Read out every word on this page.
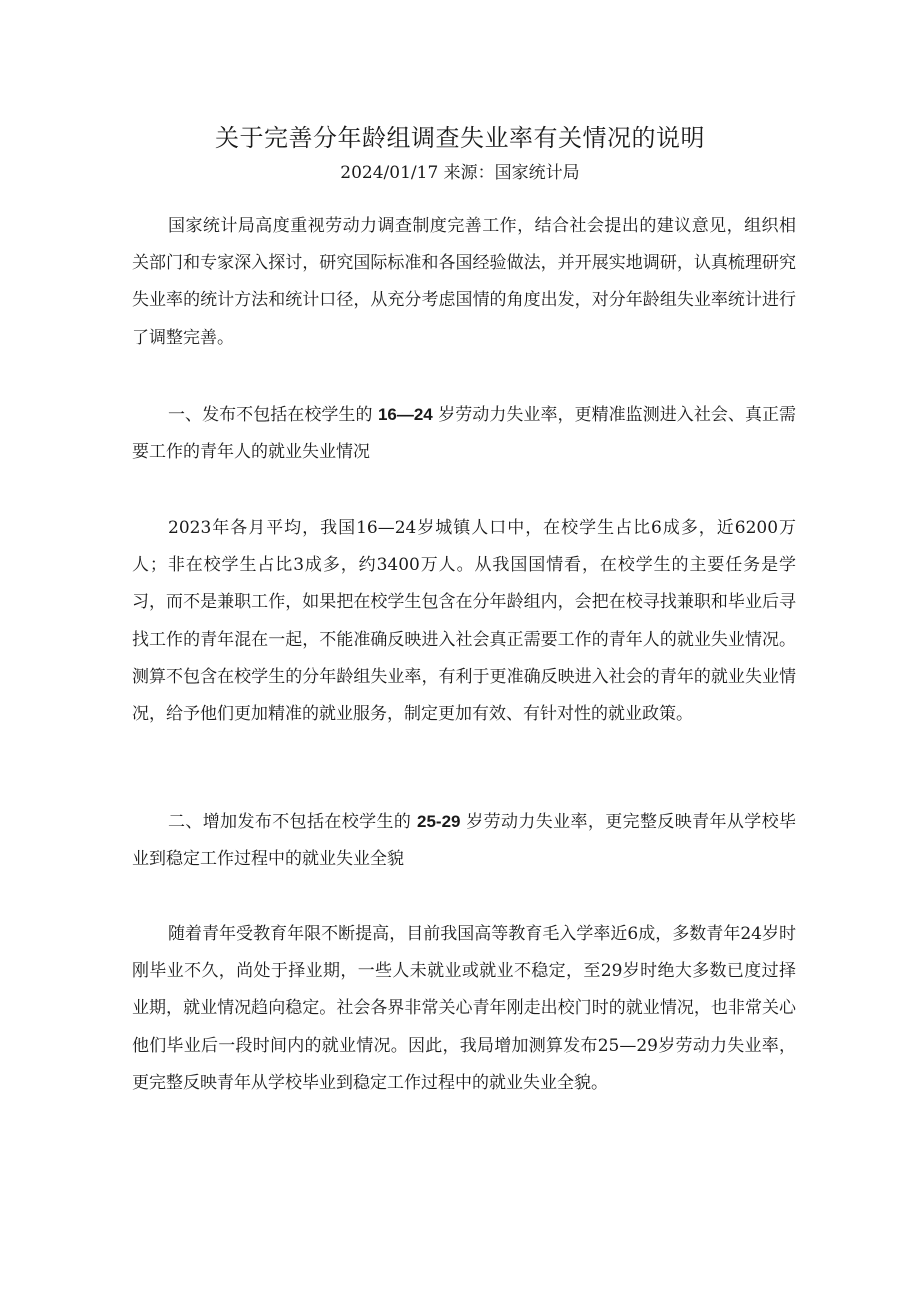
关于完善分年龄组调查失业率有关情况的说明
2024/01/17 来源：国家统计局

国家统计局高度重视劳动力调查制度完善工作，结合社会提出的建议意见，组织相关部门和专家深入探讨，研究国际标准和各国经验做法，并开展实地调研，认真梳理研究失业率的统计方法和统计口径，从充分考虑国情的角度出发，对分年龄组失业率统计进行了调整完善。

一、发布不包括在校学生的 16—24 岁劳动力失业率，更精准监测进入社会、真正需要工作的青年人的就业失业情况

2023年各月平均，我国16—24岁城镇人口中，在校学生占比6成多，近6200万人；非在校学生占比3成多，约3400万人。从我国国情看，在校学生的主要任务是学习，而不是兼职工作，如果把在校学生包含在分年龄组内，会把在校寻找兼职和毕业后寻找工作的青年混在一起，不能准确反映进入社会真正需要工作的青年人的就业失业情况。测算不包含在校学生的分年龄组失业率，有利于更准确反映进入社会的青年的就业失业情况，给予他们更加精准的就业服务，制定更加有效、有针对性的就业政策。

二、增加发布不包括在校学生的 25-29 岁劳动力失业率，更完整反映青年从学校毕业到稳定工作过程中的就业失业全貌

随着青年受教育年限不断提高，目前我国高等教育毛入学率近6成，多数青年24岁时刚毕业不久，尚处于择业期，一些人未就业或就业不稳定，至29岁时绝大多数已度过择业期，就业情况趋向稳定。社会各界非常关心青年刚走出校门时的就业情况，也非常关心他们毕业后一段时间内的就业情况。因此，我局增加测算发布25—29岁劳动力失业率，更完整反映青年从学校毕业到稳定工作过程中的就业失业全貌。
